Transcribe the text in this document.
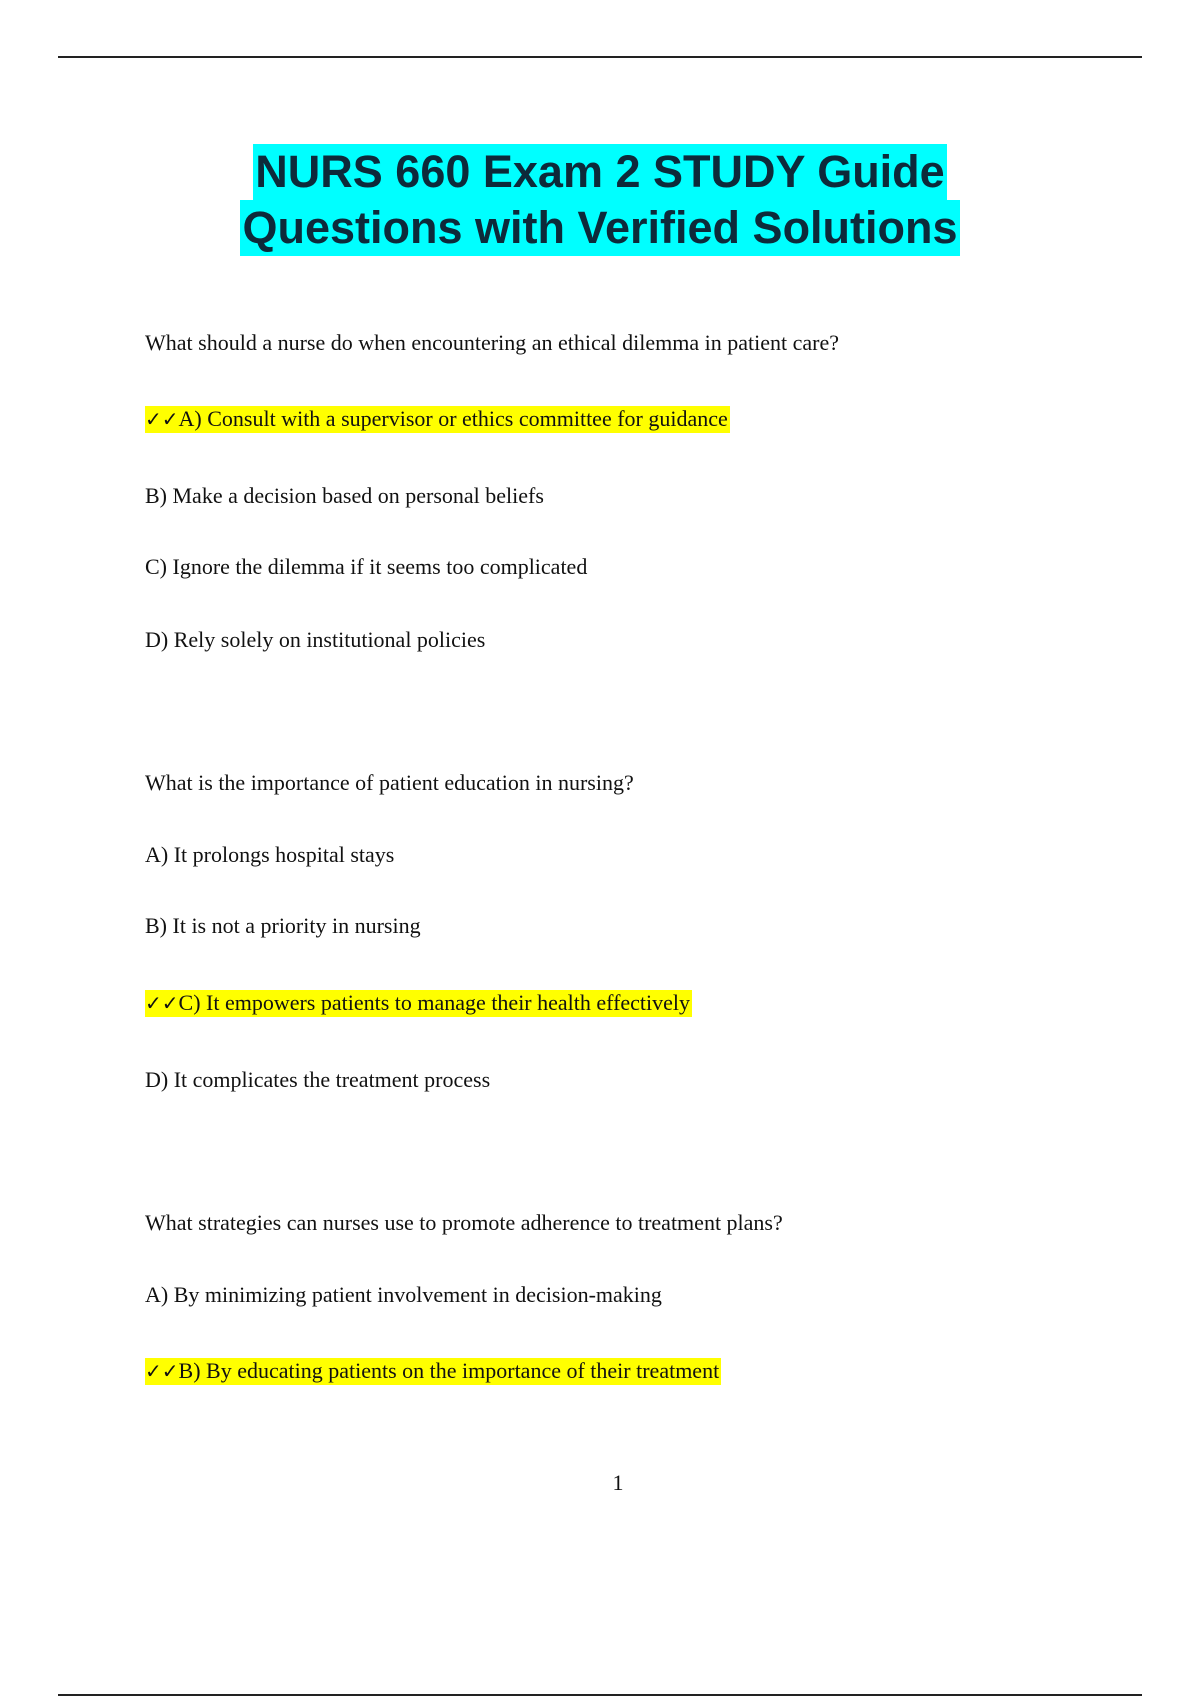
NURS 660 Exam 2 STUDY Guide
Questions with Verified Solutions
What should a nurse do when encountering an ethical dilemma in patient care?
✓✓A) Consult with a supervisor or ethics committee for guidance
B) Make a decision based on personal beliefs
C) Ignore the dilemma if it seems too complicated
D) Rely solely on institutional policies
What is the importance of patient education in nursing?
A) It prolongs hospital stays
B) It is not a priority in nursing
✓✓C) It empowers patients to manage their health effectively
D) It complicates the treatment process
What strategies can nurses use to promote adherence to treatment plans?
A) By minimizing patient involvement in decision-making
✓✓B) By educating patients on the importance of their treatment
1
